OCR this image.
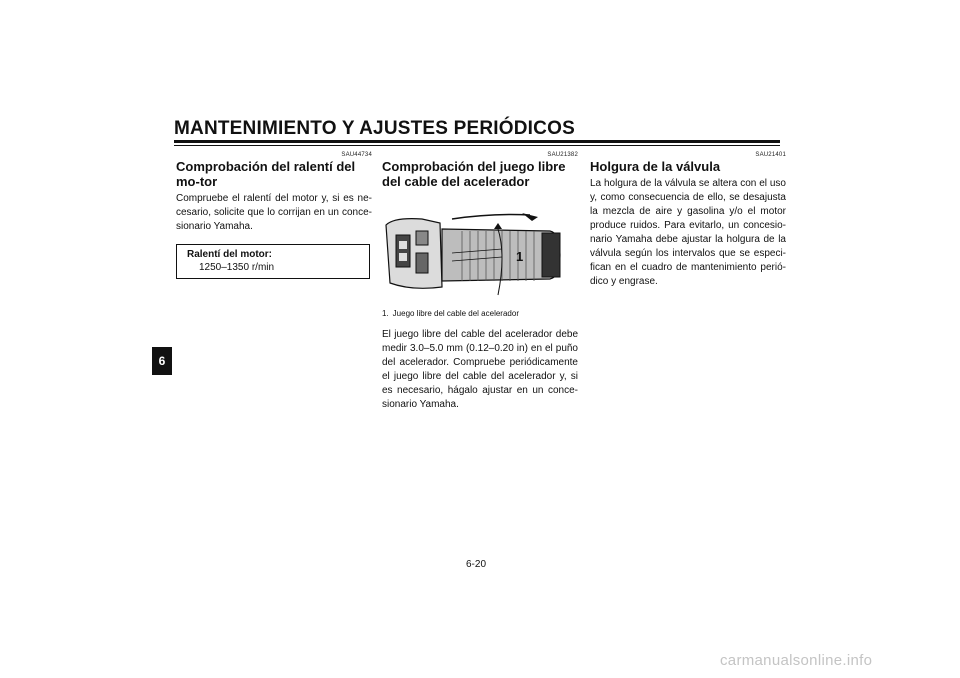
MANTENIMIENTO Y AJUSTES PERIÓDICOS
6
SAU44734
Comprobación del ralentí del mo-tor

Compruebe el ralentí del motor y, si es ne-cesario, solicite que lo corrijan en un conce-sionario Yamaha.

Ralentí del motor:
1250–1350 r/min
SAU21382
Comprobación del juego libre del cable del acelerador
1
1. Juego libre del cable del acelerador

El juego libre del cable del acelerador debe medir 3.0–5.0 mm (0.12–0.20 in) en el puño del acelerador. Compruebe periódicamente el juego libre del cable del acelerador y, si es necesario, hágalo ajustar en un conce-sionario Yamaha.

SAU21401
Holgura de la válvula

La holgura de la válvula se altera con el uso y, como consecuencia de ello, se desajusta la mezcla de aire y gasolina y/o el motor produce ruidos. Para evitarlo, un concesio-nario Yamaha debe ajustar la holgura de la válvula según los intervalos que se especi-fican en el cuadro de mantenimiento perió-dico y engrase.

6-20
carmanualsonline.info
